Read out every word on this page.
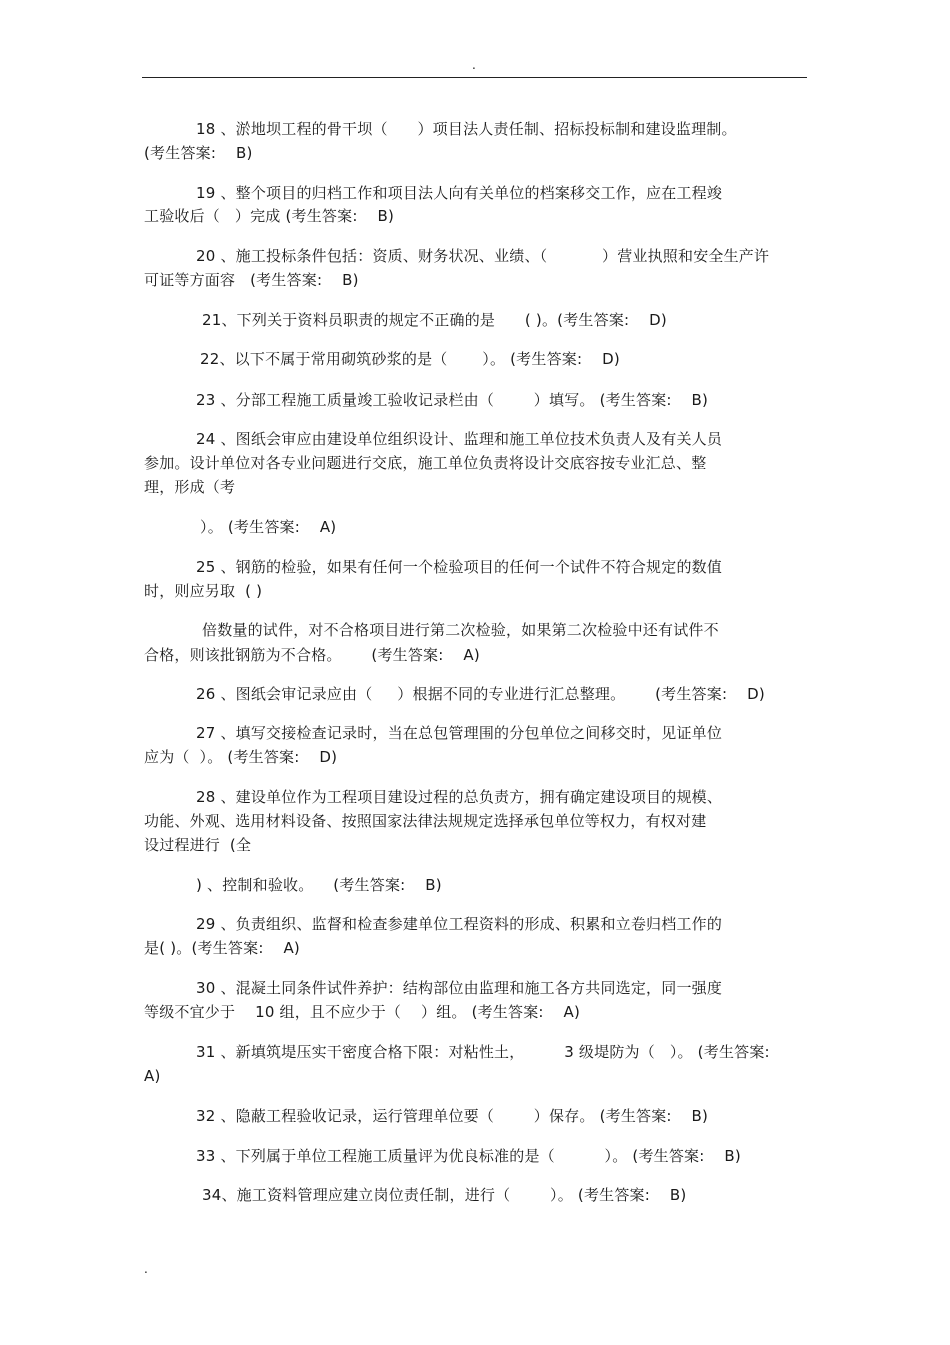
.
18 、淤地坝工程的骨干坝（      ）项目法人责任制、招标投标制和建设监理制。
(考生答案:    B)
19 、整个项目的归档工作和项目法人向有关单位的档案移交工作，应在工程竣
工验收后（   ）完成 (考生答案:    B)
20 、施工投标条件包括：资质、财务状况、业绩、（           ）营业执照和安全生产许
可证等方面容   (考生答案:    B)
21、下列关于资料员职责的规定不正确的是      ( )。(考生答案:    D)
22、以下不属于常用砌筑砂浆的是（       ）。 (考生答案:    D)
23 、分部工程施工质量竣工验收记录栏由（        ）填写。 (考生答案:    B)
24 、图纸会审应由建设单位组织设计、监理和施工单位技术负责人及有关人员
参加。设计单位对各专业问题进行交底，施工单位负责将设计交底容按专业汇总、整
理，形成（考
）。 (考生答案:    A)
25 、钢筋的检验，如果有任何一个检验项目的任何一个试件不符合规定的数值
时，则应另取  ( )
倍数量的试件，对不合格项目进行第二次检验，如果第二次检验中还有试件不
合格，则该批钢筋为不合格。      (考生答案:    A)
26 、图纸会审记录应由（     ）根据不同的专业进行汇总整理。      (考生答案:    D)
27 、填写交接检查记录时，当在总包管理围的分包单位之间移交时，见证单位
应为（  ）。 (考生答案:    D)
28 、建设单位作为工程项目建设过程的总负责方，拥有确定建设项目的规模、
功能、外观、选用材料设备、按照国家法律法规规定选择承包单位等权力，有权对建
设过程进行  (全
) 、控制和验收。    (考生答案:    B)
29 、负责组织、监督和检查参建单位工程资料的形成、积累和立卷归档工作的
是( )。(考生答案:    A)
30 、混凝土同条件试件养护：结构部位由监理和施工各方共同选定，同一强度
等级不宜少于    10 组，且不应少于（    ）组。 (考生答案:    A)
31 、新填筑堤压实干密度合格下限：对粘性土，        3 级堤防为（   ）。 (考生答案:
A)
32 、隐蔽工程验收记录，运行管理单位要（        ）保存。 (考生答案:    B)
33 、下列属于单位工程施工质量评为优良标准的是（          ）。 (考生答案:    B)
34、施工资料管理应建立岗位责任制，进行（        ）。 (考生答案:    B)
.
